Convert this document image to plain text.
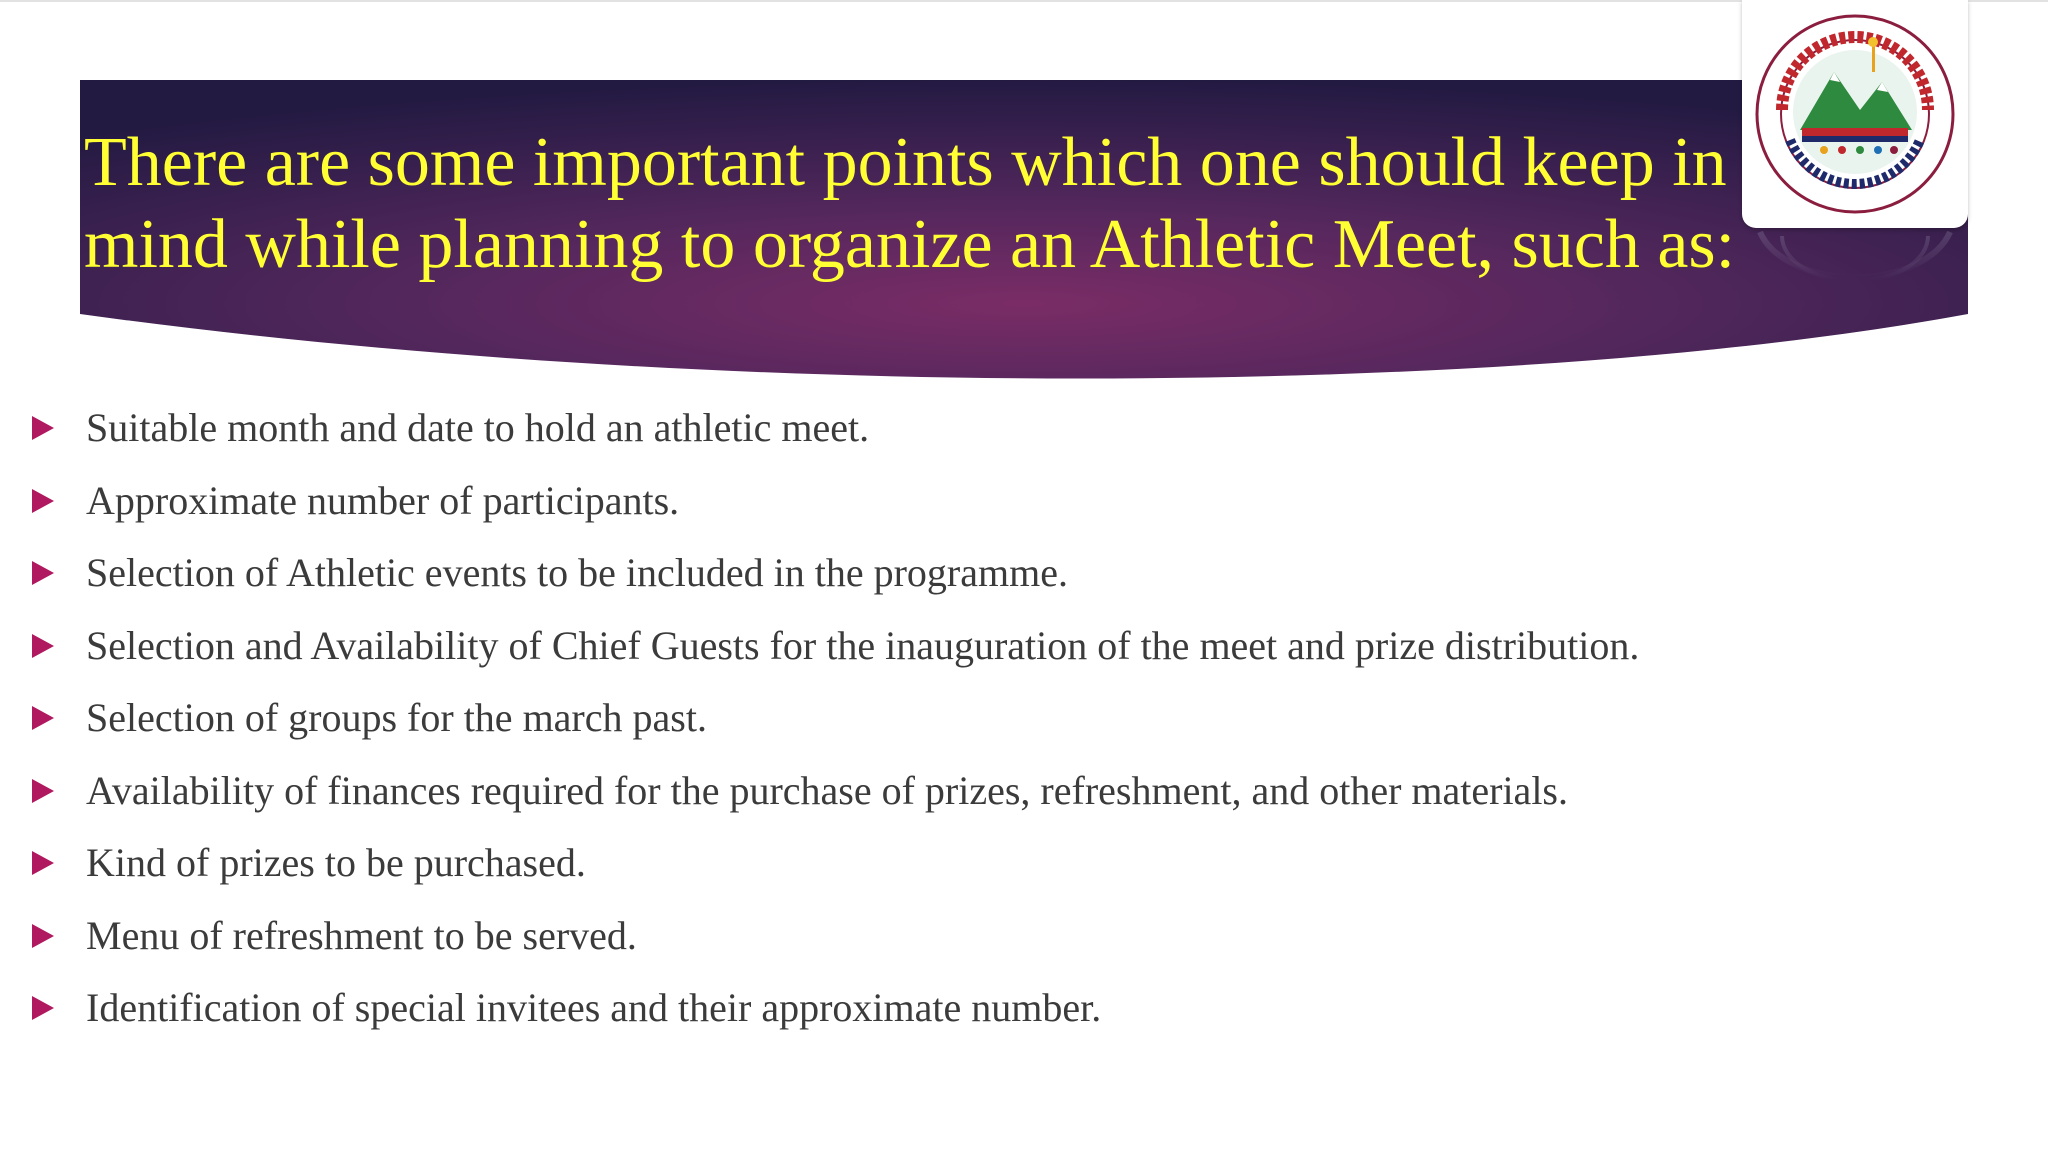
There are some important points which one should keep in mind while planning to organize an Athletic Meet, such as:
Suitable month and date to hold an athletic meet.
Approximate number of participants.
Selection of Athletic events to be included in the programme.
Selection and Availability of Chief Guests for the inauguration of the meet and prize distribution.
Selection of groups for the march past.
Availability of finances required for the purchase of prizes, refreshment, and other materials.
Kind of prizes to be purchased.
Menu of refreshment to be served.
Identification of special invitees and their approximate number.
